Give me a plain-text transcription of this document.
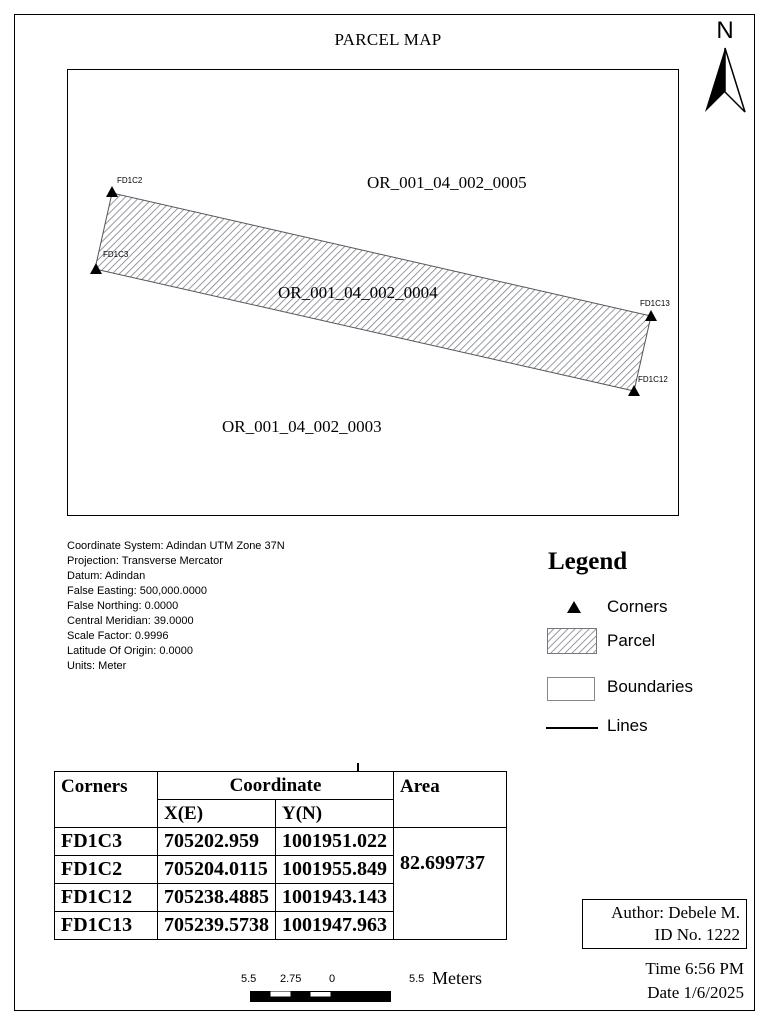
PARCEL MAP	N
OR_001_04_002_0005
OR_001_04_002_0004
OR_001_04_002_0003
FD1C2
FD1C3
FD1C13
FD1C12
Coordinate System: Adindan UTM Zone 37N
Projection: Transverse Mercator
Datum: Adindan
False Easting: 500,000.0000
False Northing: 0.0000
Central Meridian: 39.0000
Scale Factor: 0.9996
Latitude Of Origin: 0.0000
Units: Meter
Legend
Corners
Parcel
Boundaries
Lines
Corners	Coordinate		Area
	X(E)	Y(N)	
FD1C3	705202.959	1001951.022	82.699737
FD1C2	705204.0115	1001955.849	
FD1C12	705238.4885	1001943.143	
FD1C13	705239.5738	1001947.963	
Author: Debele M.
ID No. 1222
Time 6:56 PM
Date 1/6/2025
5.5 2.75	0	5.5 Meters
